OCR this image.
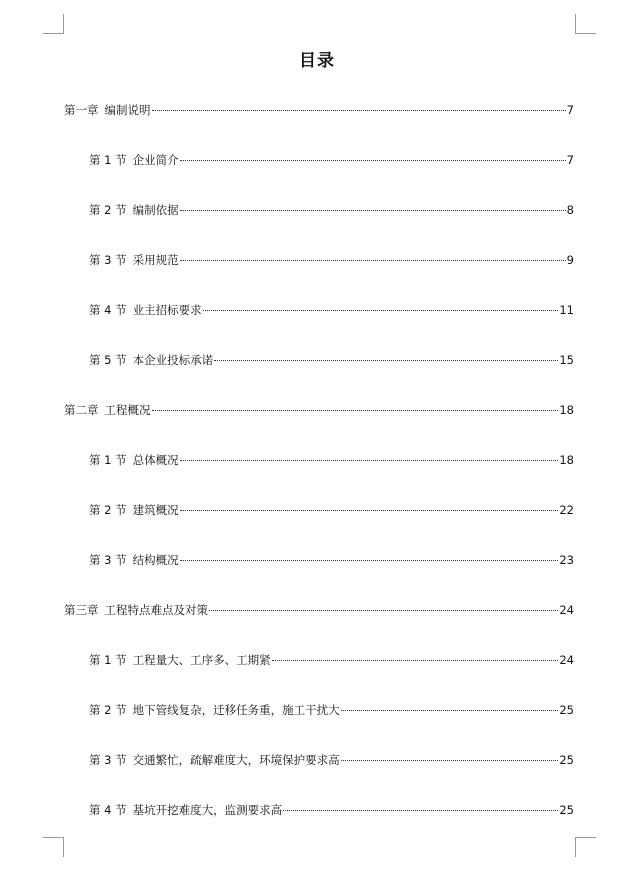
目录
第一章 编制说明	7
第 1 节 企业简介	7
第 2 节 编制依据	8
第 3 节 采用规范	9
第 4 节 业主招标要求	11
第 5 节 本企业投标承诺	15
第二章 工程概况	18
第 1 节 总体概况	18
第 2 节 建筑概况	22
第 3 节 结构概况	23
第三章 工程特点难点及对策	24
第 1 节 工程量大、工序多、工期紧	24
第 2 节 地下管线复杂，迁移任务重，施工干扰大	25
第 3 节 交通繁忙，疏解难度大，环境保护要求高	25
第 4 节 基坑开挖难度大，监测要求高	25
